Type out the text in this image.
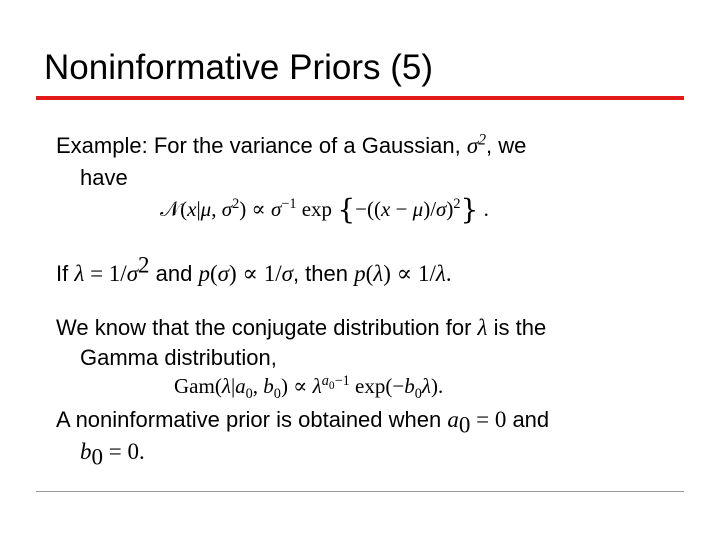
Noninformative Priors (5)
Example: For the variance of a Gaussian, $\sigma^2$, we
have
𝒩(x|μ, $\sigma^2) \propto \sigma^{-1}$ $\exp \{-((x - \mu)/\sigma)^2\}$ .
If $\lambda = 1/\sigma^2$ and p(σ) ∝ 1/σ, then p(λ) ∝ 1/λ.
We know that the conjugate distribution for λ is the
Gamma distribution,
$Gam(\lambda|a_0$, $b_0) \propto \lambda^{a_0-1}$ $\exp(-b_0\lambda)$.
A noninformative prior is obtained when $a_0 = 0$ and
$b_0 = 0$.
